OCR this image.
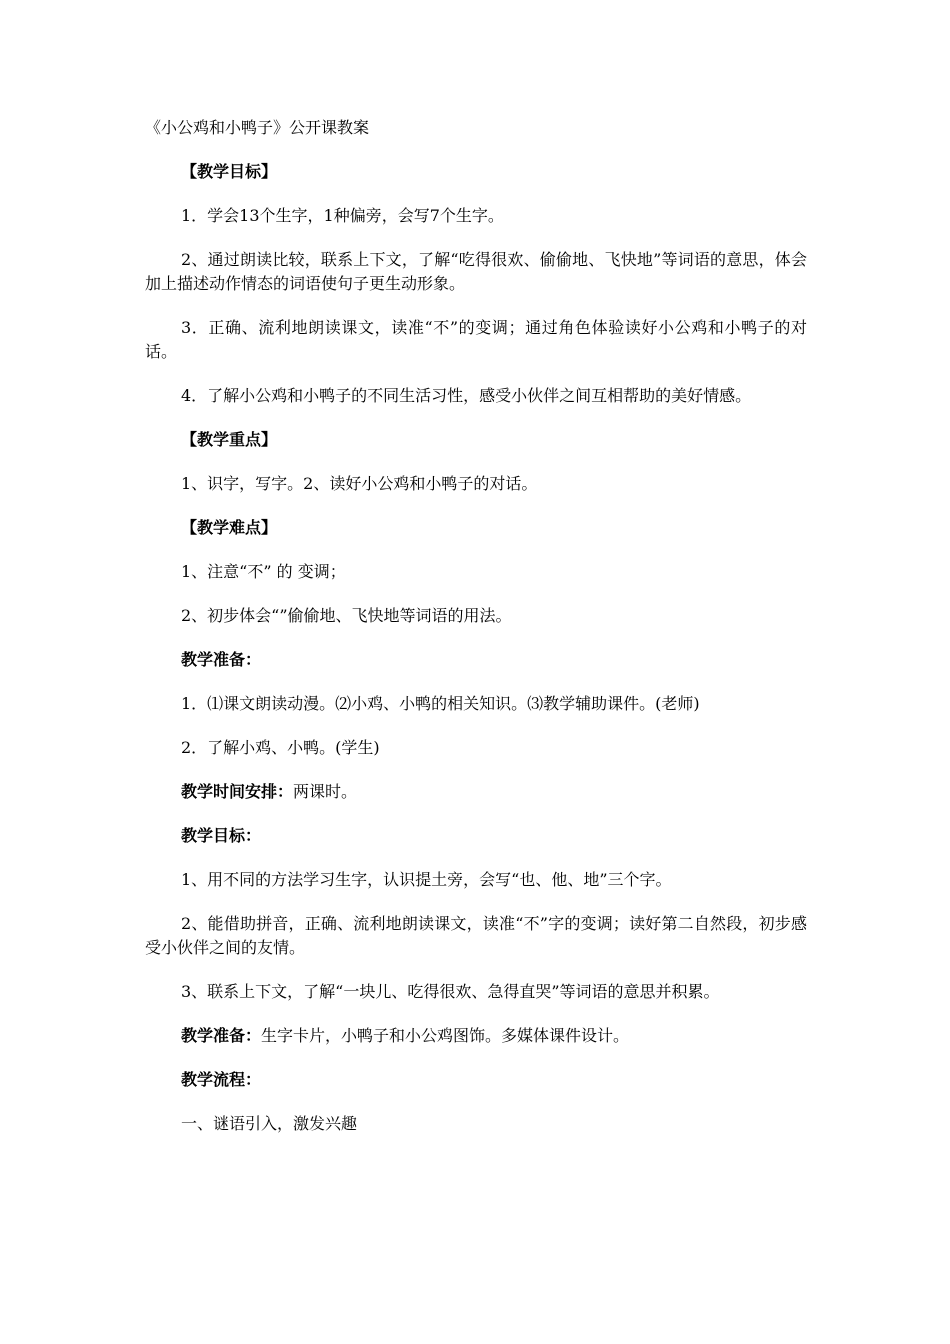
《小公鸡和小鸭子》公开课教案
【教学目标】
1．学会13个生字，1种偏旁，会写7个生字。
2、通过朗读比较，联系上下文，了解“吃得很欢、偷偷地、飞快地”等词语的意思，体会加上描述动作情态的词语使句子更生动形象。
3．正确、流利地朗读课文，读准“不”的变调；通过角色体验读好小公鸡和小鸭子的对话。
4．了解小公鸡和小鸭子的不同生活习性，感受小伙伴之间互相帮助的美好情感。
【教学重点】
1、识字，写字。2、读好小公鸡和小鸭子的对话。
【教学难点】
1、注意“不” 的 变调；
2、初步体会“”偷偷地、飞快地等词语的用法。
教学准备：
1．⑴课文朗读动漫。⑵小鸡、小鸭的相关知识。⑶教学辅助课件。(老师)
2．了解小鸡、小鸭。(学生)
教学时间安排：两课时。
教学目标：
1、用不同的方法学习生字，认识提土旁，会写“也、他、地”三个字。
2、能借助拼音，正确、流利地朗读课文，读准“不”字的变调；读好第二自然段，初步感受小伙伴之间的友情。
3、联系上下文，了解“一块儿、吃得很欢、急得直哭”等词语的意思并积累。
教学准备：生字卡片，小鸭子和小公鸡图饰。多媒体课件设计。
教学流程：
一、谜语引入，激发兴趣
